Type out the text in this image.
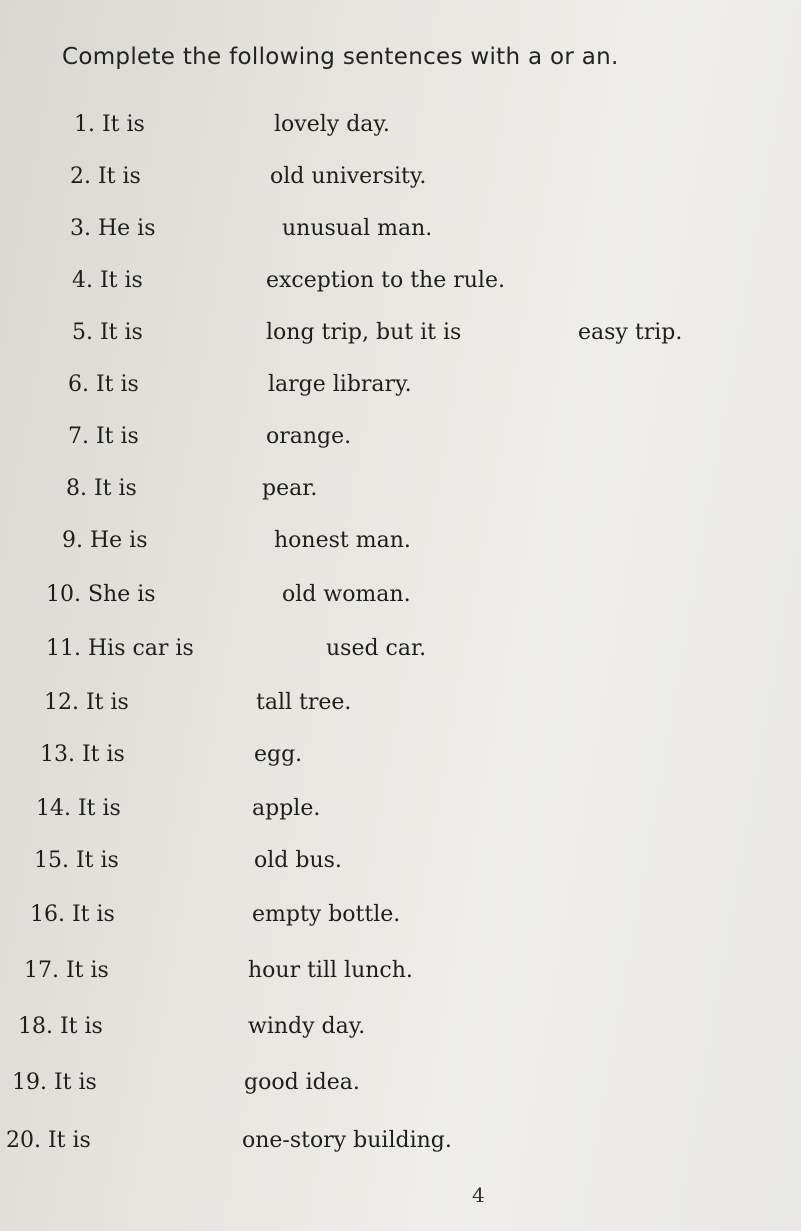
Complete the following sentences with a or an.
1. It is	lovely day.
2. It is	old university.
3. He is	unusual man.
4. It is	exception to the rule.
5. It is	long trip, but it is	easy trip.
6. It is	large library.
7. It is	orange.
8. It is	pear.
9. He is	honest man.
10. She is	old woman.
11. His car is	used car.
12. It is	tall tree.
13. It is	egg.
14. It is	apple.
15. It is	old bus.
16. It is	empty bottle.
17. It is	hour till lunch.
18. It is	windy day.
19. It is	good idea.
20. It is	one-story building.
4
